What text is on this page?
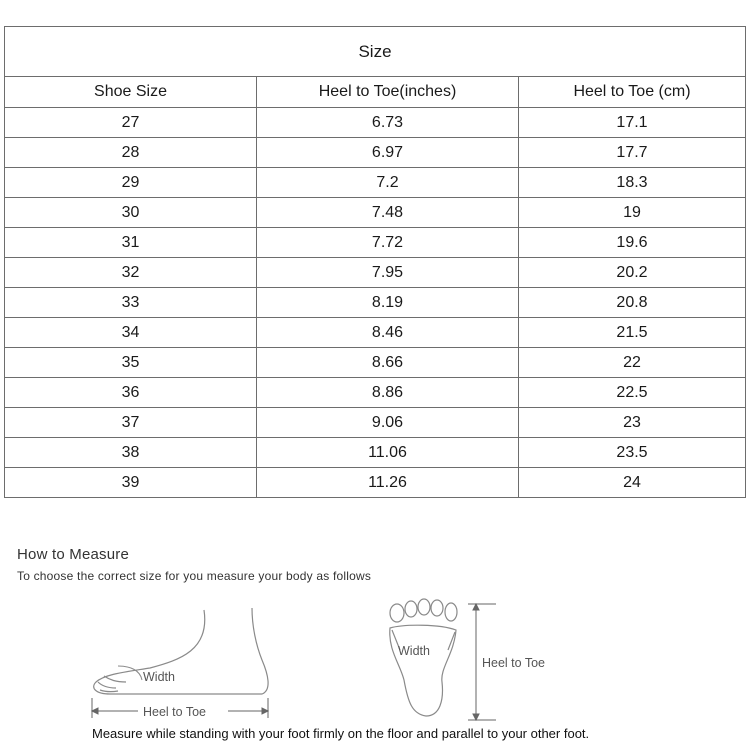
Size		
Shoe Size	Heel to Toe(inches)	Heel to Toe (cm)
27	6.73	17.1
28	6.97	17.7
29	7.2	18.3
30	7.48	19
31	7.72	19.6
32	7.95	20.2
33	8.19	20.8
34	8.46	21.5
35	8.66	22
36	8.86	22.5
37	9.06	23
38	11.06	23.5
39	11.26	24
How to Measure
To choose the correct size for you measure your body as follows
Width
Heel to Toe
Width
Heel to Toe
Measure while standing with your foot firmly on the floor and parallel to your other foot.
